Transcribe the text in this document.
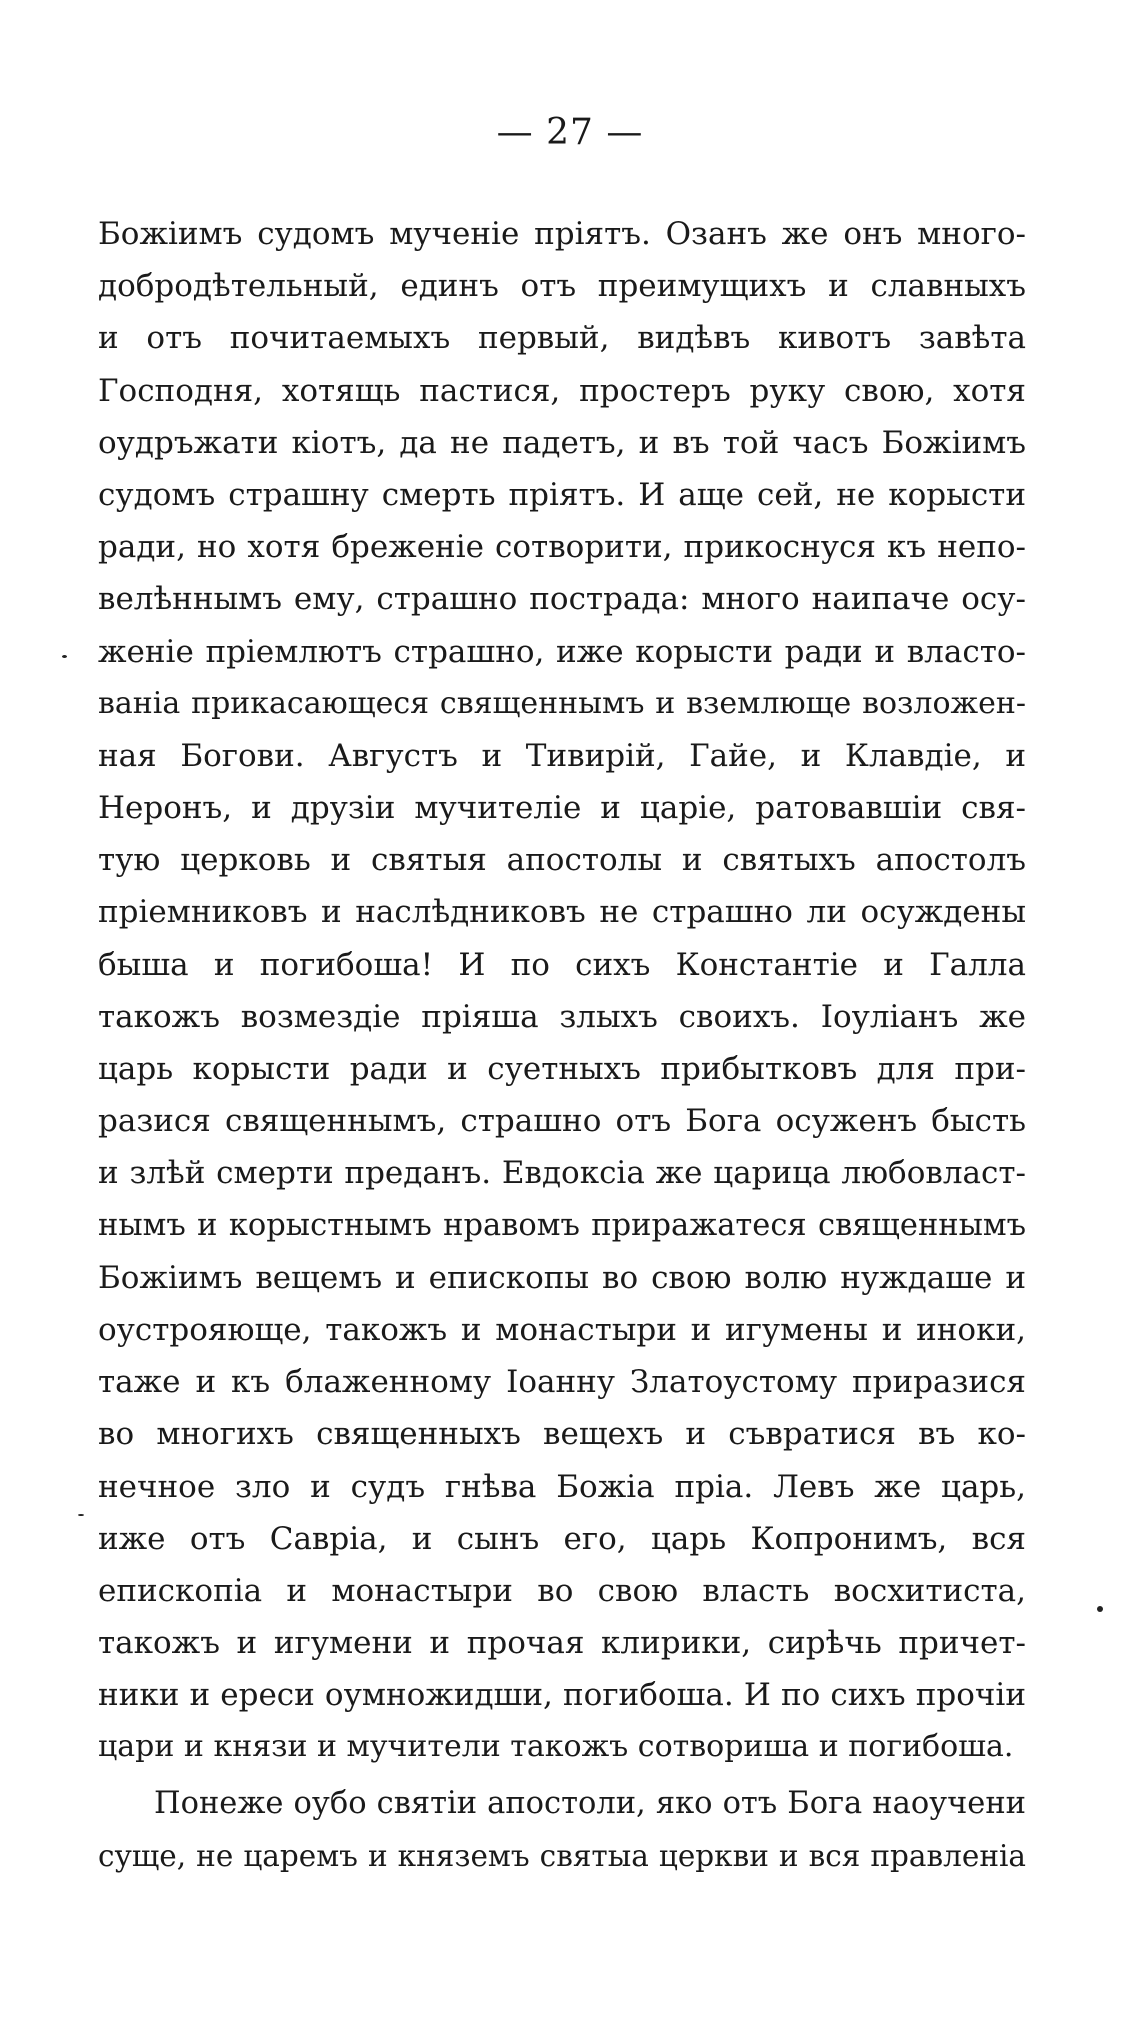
— 27 —
Божіимъ судомъ мученіе пріятъ. Озанъ же онъ много-
добродѣтельный, единъ отъ преимущихъ и славныхъ
и отъ почитаемыхъ первый, видѣвъ кивотъ завѣта
Господня, хотящь пастися, простеръ руку свою, хотя
оудръжати кіотъ, да не падетъ, и въ той часъ Божіимъ
судомъ страшну смерть пріятъ. И аще сей, не корысти
ради, но хотя бреженіе сотворити, прикоснуся къ непо-
велѣннымъ ему, страшно пострада: много наипаче осу-
женіе пріемлютъ страшно, иже корысти ради и власто-
ваніа прикасающеся священнымъ и вземлюще возложен-
ная Богови. Августъ и Тивирій, Гайе, и Клавдіе, и
Неронъ, и друзіи мучителіе и царіе, ратовавшіи свя-
тую церковь и святыя апостолы и святыхъ апостолъ
пріемниковъ и наслѣдниковъ не страшно ли осуждены
быша и погибоша! И по сихъ Константіе и Галла
такожъ возмездіе пріяша злыхъ своихъ. Іоуліанъ же
царь корысти ради и суетныхъ прибытковъ для при-
разися священнымъ, страшно отъ Бога осуженъ бысть
и злѣй смерти преданъ. Евдоксіа же царица любовласт-
нымъ и корыстнымъ нравомъ приражатеся священнымъ
Божіимъ вещемъ и епископы во свою волю нуждаше и
оустрояюще, такожъ и монастыри и игумены и иноки,
таже и къ блаженному Іоанну Златоустому приразися
во многихъ священныхъ вещехъ и съвратися въ ко-
нечное зло и судъ гнѣва Божіа пріа. Левъ же царь,
иже отъ Савріа, и сынъ его, царь Копронимъ, вся
епископіа и монастыри во свою власть восхитиста,
такожъ и игумени и прочая клирики, сирѣчь причет-
ники и ереси оумножидши, погибоша. И по сихъ прочіи
цари и князи и мучители такожъ сотвориша и погибоша.
Понеже оубо святіи апостоли, яко отъ Бога наоучени
суще, не царемъ и княземъ святыа церкви и вся правленіа
